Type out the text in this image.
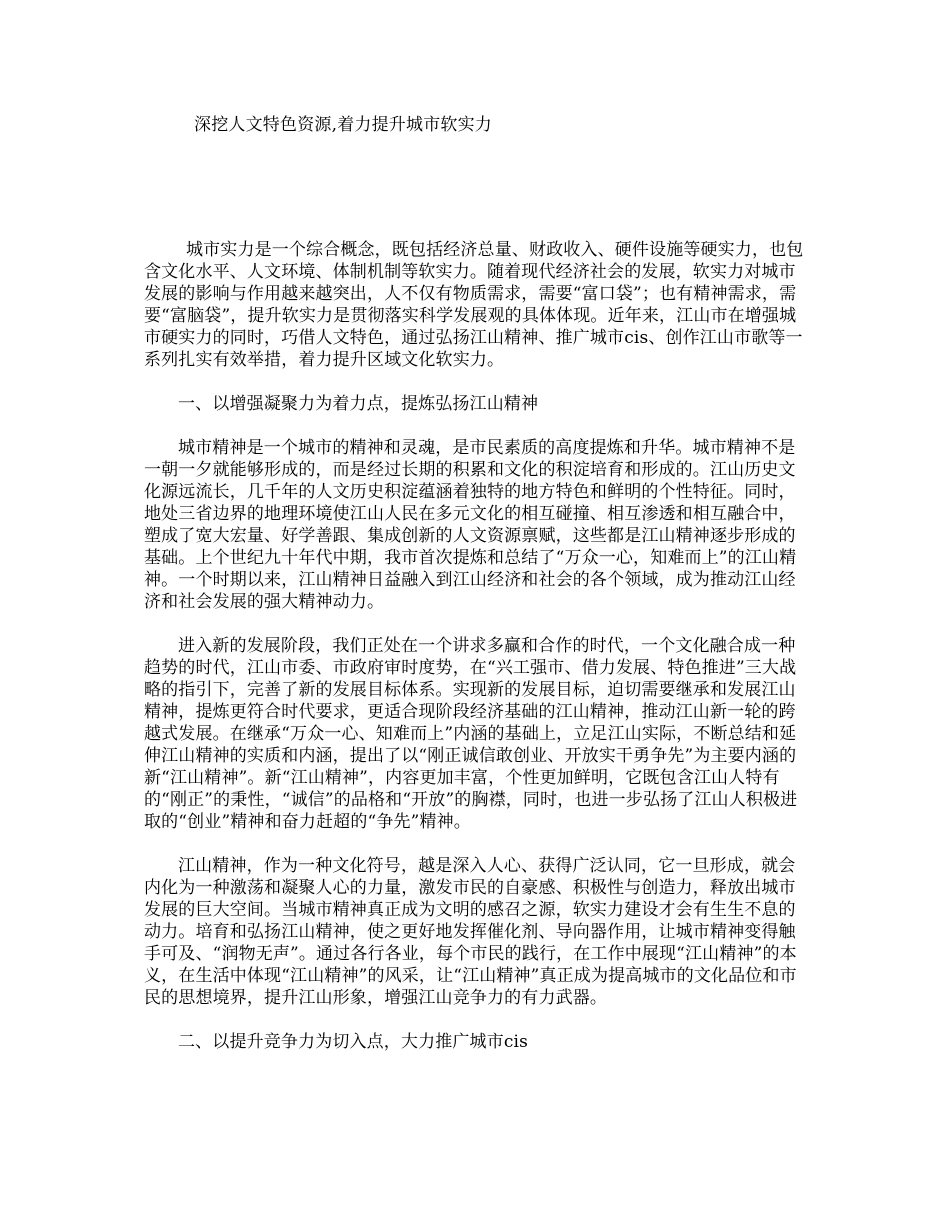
深挖人文特色资源,着力提升城市软实力

城市实力是一个综合概念，既包括经济总量、财政收入、硬件设施等硬实力，也包含文化水平、人文环境、体制机制等软实力。随着现代经济社会的发展，软实力对城市发展的影响与作用越来越突出，人不仅有物质需求，需要“富口袋”；也有精神需求，需要“富脑袋”，提升软实力是贯彻落实科学发展观的具体体现。近年来，江山市在增强城市硬实力的同时，巧借人文特色，通过弘扬江山精神、推广城市cis、创作江山市歌等一系列扎实有效举措，着力提升区域文化软实力。

一、以增强凝聚力为着力点，提炼弘扬江山精神

城市精神是一个城市的精神和灵魂，是市民素质的高度提炼和升华。城市精神不是一朝一夕就能够形成的，而是经过长期的积累和文化的积淀培育和形成的。江山历史文化源远流长，几千年的人文历史积淀蕴涵着独特的地方特色和鲜明的个性特征。同时，地处三省边界的地理环境使江山人民在多元文化的相互碰撞、相互渗透和相互融合中，塑成了宽大宏量、好学善跟、集成创新的人文资源禀赋，这些都是江山精神逐步形成的基础。上个世纪九十年代中期，我市首次提炼和总结了“万众一心，知难而上”的江山精神。一个时期以来，江山精神日益融入到江山经济和社会的各个领域，成为推动江山经济和社会发展的强大精神动力。

进入新的发展阶段，我们正处在一个讲求多赢和合作的时代，一个文化融合成一种趋势的时代，江山市委、市政府审时度势，在“兴工强市、借力发展、特色推进”三大战略的指引下，完善了新的发展目标体系。实现新的发展目标，迫切需要继承和发展江山精神，提炼更符合时代要求，更适合现阶段经济基础的江山精神，推动江山新一轮的跨越式发展。在继承“万众一心、知难而上”内涵的基础上，立足江山实际，不断总结和延伸江山精神的实质和内涵，提出了以“刚正诚信敢创业、开放实干勇争先”为主要内涵的新“江山精神”。新“江山精神”，内容更加丰富，个性更加鲜明，它既包含江山人特有的“刚正”的秉性，“诚信”的品格和“开放”的胸襟，同时，也进一步弘扬了江山人积极进取的“创业”精神和奋力赶超的“争先”精神。

江山精神，作为一种文化符号，越是深入人心、获得广泛认同，它一旦形成，就会内化为一种激荡和凝聚人心的力量，激发市民的自豪感、积极性与创造力，释放出城市发展的巨大空间。当城市精神真正成为文明的感召之源，软实力建设才会有生生不息的动力。培育和弘扬江山精神，使之更好地发挥催化剂、导向器作用，让城市精神变得触手可及、“润物无声”。通过各行各业，每个市民的践行，在工作中展现“江山精神”的本义，在生活中体现“江山精神”的风采，让“江山精神”真正成为提高城市的文化品位和市民的思想境界，提升江山形象，增强江山竞争力的有力武器。

二、以提升竞争力为切入点，大力推广城市cis
